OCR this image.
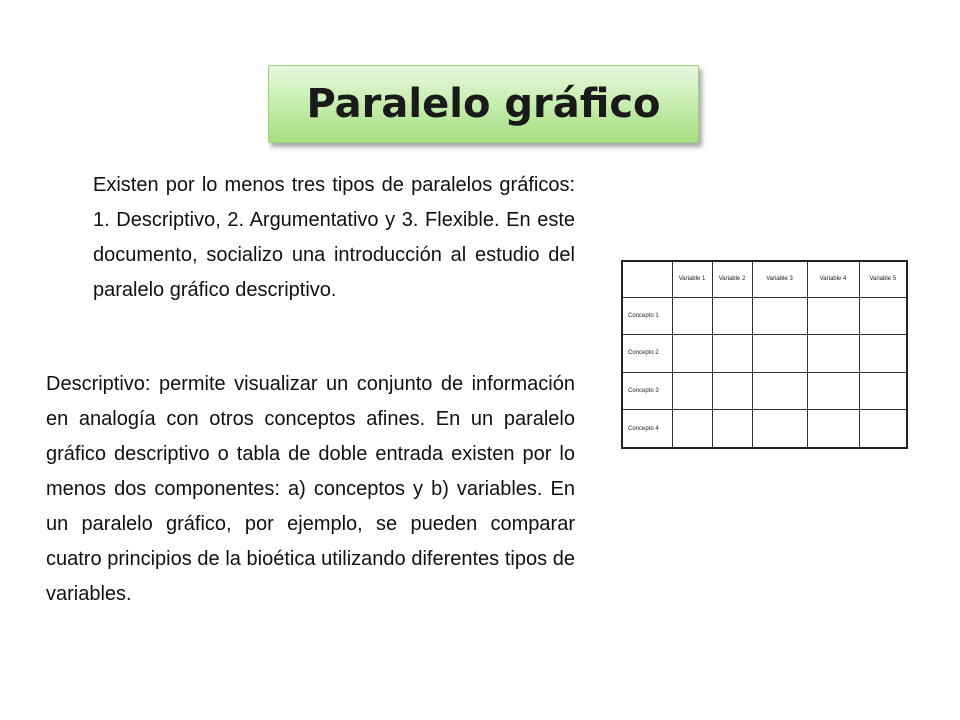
Paralelo gráfico

Existen por lo menos tres tipos de paralelos gráficos: 1. Descriptivo, 2. Argumentativo y 3. Flexible. En este documento, socializo una introducción al estudio del paralelo gráfico descriptivo.

Descriptivo: permite visualizar un conjunto de información en analogía con otros conceptos afines. En un paralelo gráfico descriptivo o tabla de doble entrada existen por lo menos dos componentes: a) conceptos y b) variables. En un paralelo gráfico, por ejemplo, se pueden comparar cuatro principios de la bioética utilizando diferentes tipos de variables.

	Variable 1	Variable 2	Variable 3	Variable 4	Variable 5
Concepto 1					
Concepto 2					
Concepto 3					
Concepto 4					
